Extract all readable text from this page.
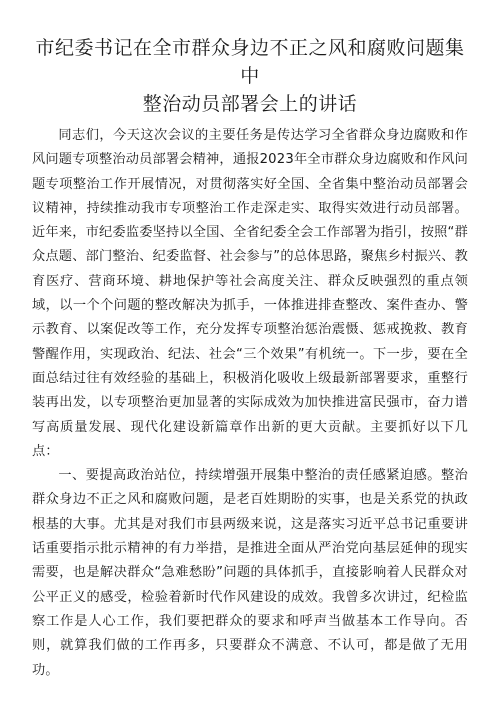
市纪委书记在全市群众身边不正之风和腐败问题集中
整治动员部署会上的讲话

同志们，今天这次会议的主要任务是传达学习全省群众身边腐败和作风问题专项整治动员部署会精神，通报2023年全市群众身边腐败和作风问题专项整治工作开展情况，对贯彻落实好全国、全省集中整治动员部署会议精神，持续推动我市专项整治工作走深走实、取得实效进行动员部署。近年来，市纪委监委坚持以全国、全省纪委全会工作部署为指引，按照“群众点题、部门整治、纪委监督、社会参与”的总体思路，聚焦乡村振兴、教育医疗、营商环境、耕地保护等社会高度关注、群众反映强烈的重点领域，以一个个问题的整改解决为抓手，一体推进排查整改、案件查办、警示教育、以案促改等工作，充分发挥专项整治惩治震慑、惩戒挽救、教育警醒作用，实现政治、纪法、社会“三个效果”有机统一。下一步，要在全面总结过往有效经验的基础上，积极消化吸收上级最新部署要求，重整行装再出发，以专项整治更加显著的实际成效为加快推进富民强市，奋力谱写高质量发展、现代化建设新篇章作出新的更大贡献。主要抓好以下几点：

一、要提高政治站位，持续增强开展集中整治的责任感紧迫感。整治群众身边不正之风和腐败问题，是老百姓期盼的实事，也是关系党的执政根基的大事。尤其是对我们市县两级来说，这是落实习近平总书记重要讲话重要指示批示精神的有力举措，是推进全面从严治党向基层延伸的现实需要，也是解决群众“急难愁盼”问题的具体抓手，直接影响着人民群众对公平正义的感受，检验着新时代作风建设的成效。我曾多次讲过，纪检监察工作是人心工作，我们要把群众的要求和呼声当做基本工作导向。否则，就算我们做的工作再多，只要群众不满意、不认可，都是做了无用功。
